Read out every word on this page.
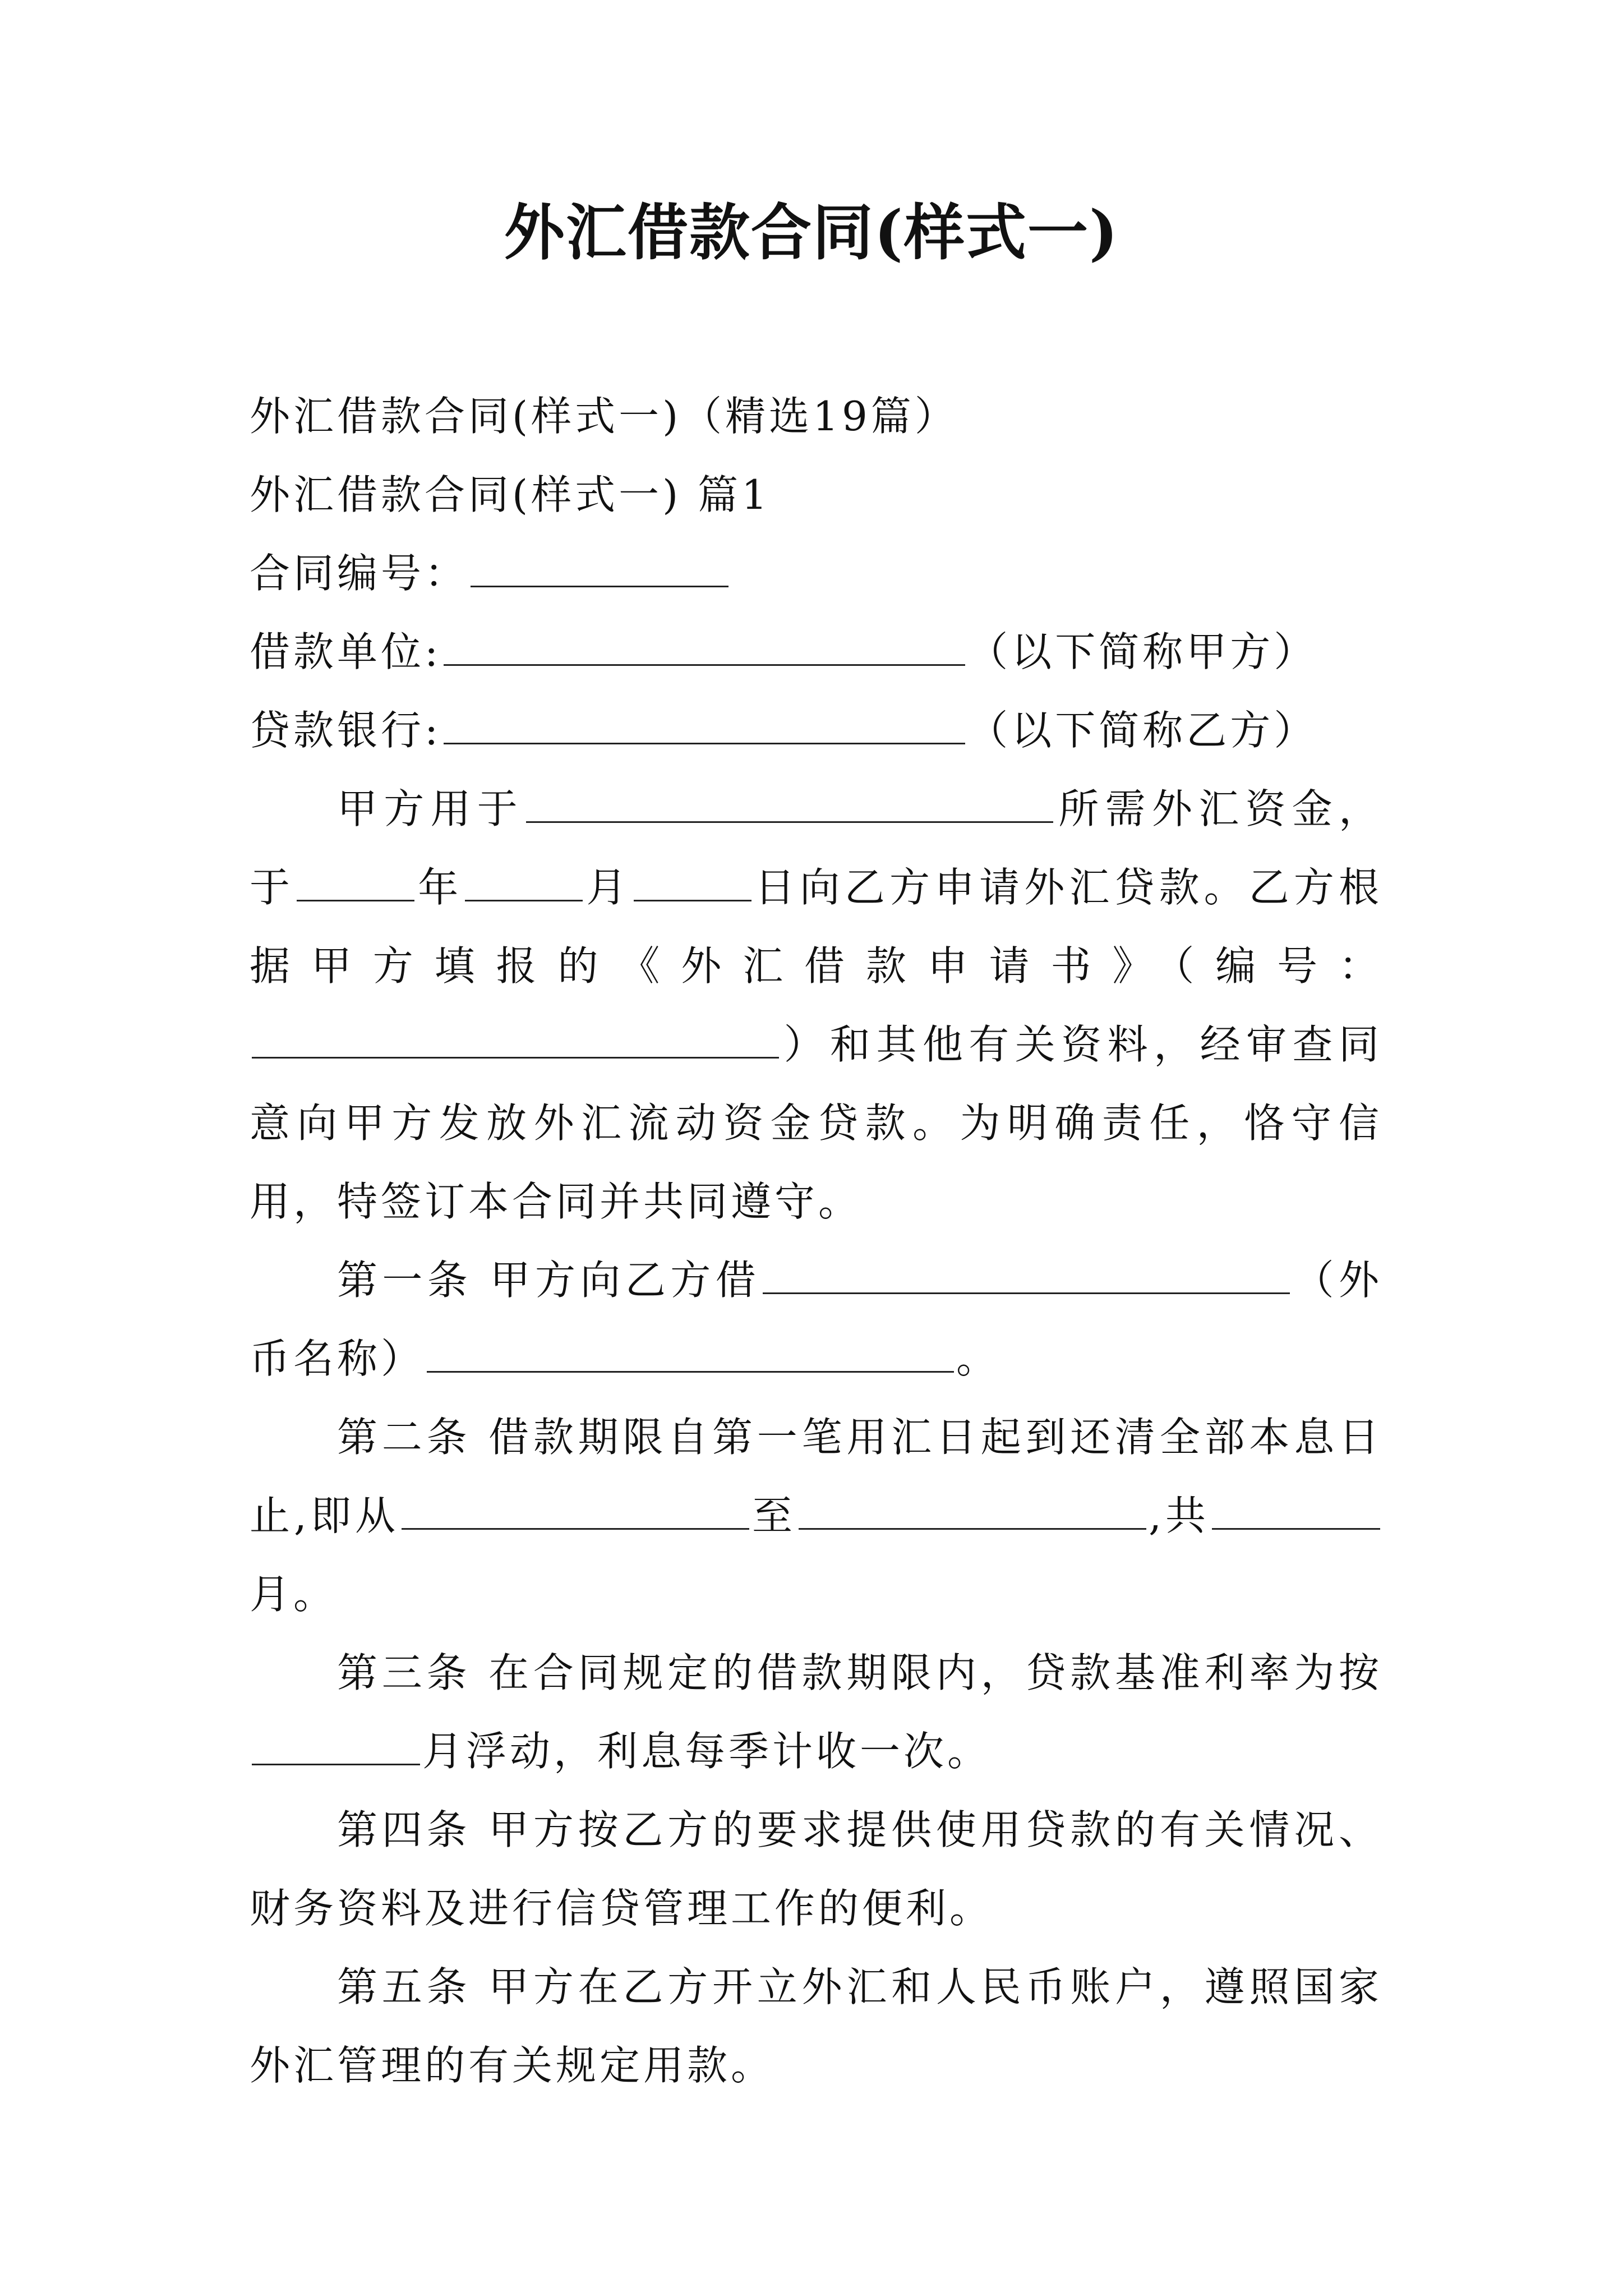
外汇借款合同(样式一)

外汇借款合同(样式一)（精选19篇）

外汇借款合同(样式一) 篇1

合同编号：

借款单位:	（以下简称甲方）

贷款银行:	（以下简称乙方）

甲方用于	所需外汇资金，于	年	月	日向乙方申请外汇贷款。乙方根据甲方填报的《外汇借款申请书》（编号：）和其他有关资料，经审查同意向甲方发放外汇流动资金贷款。为明确责任，恪守信用，特签订本合同并共同遵守。

第一条 甲方向乙方借	（外币名称）	。

第二条 借款期限自第一笔用汇日起到还清全部本息日止,即从	至	,共月。

第三条 在合同规定的借款期限内，贷款基准利率为按月浮动，利息每季计收一次。

第四条 甲方按乙方的要求提供使用贷款的有关情况、财务资料及进行信贷管理工作的便利。

第五条 甲方在乙方开立外汇和人民币账户，遵照国家外汇管理的有关规定用款。
